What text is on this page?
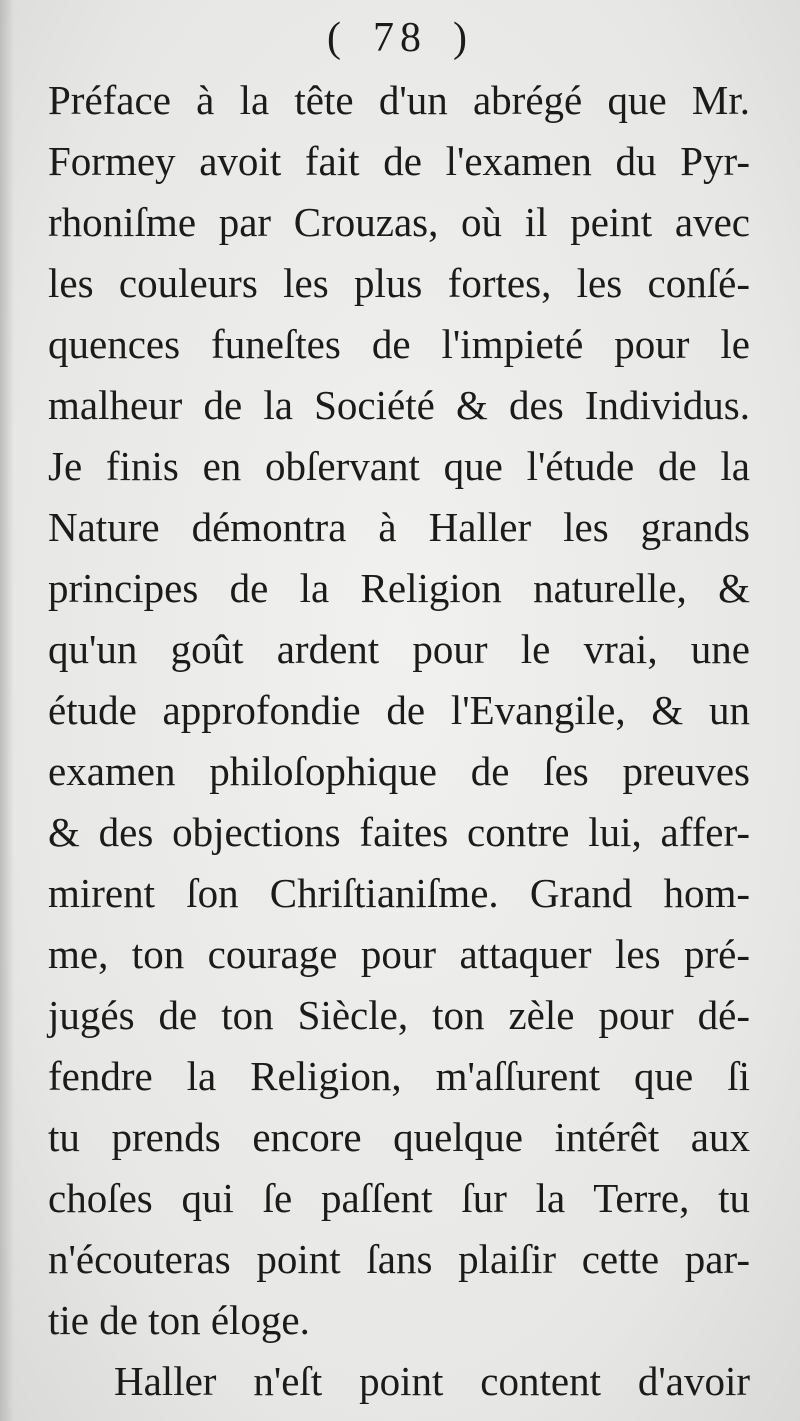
( 78 )
Préface à la tête d'un abrégé que Mr.
Formey avoit fait de l'examen du Pyr-
rhoniſme par Crouzas, où il peint avec
les couleurs les plus fortes, les conſé-
quences funeſtes de l'impieté pour le
malheur de la Société & des Individus.
Je finis en obſervant que l'étude de la
Nature démontra à Haller les grands
principes de la Religion naturelle, &
qu'un goût ardent pour le vrai, une
étude approfondie de l'Evangile, & un
examen philoſophique de ſes preuves
& des objections faites contre lui, affer-
mirent ſon Chriſtianiſme. Grand hom-
me, ton courage pour attaquer les pré-
jugés de ton Siècle, ton zèle pour dé-
fendre la Religion, m'aſſurent que ſi
tu prends encore quelque intérêt aux
choſes qui ſe paſſent ſur la Terre, tu
n'écouteras point ſans plaiſir cette par-
tie de ton éloge.
Haller n'eſt point content d'avoir
